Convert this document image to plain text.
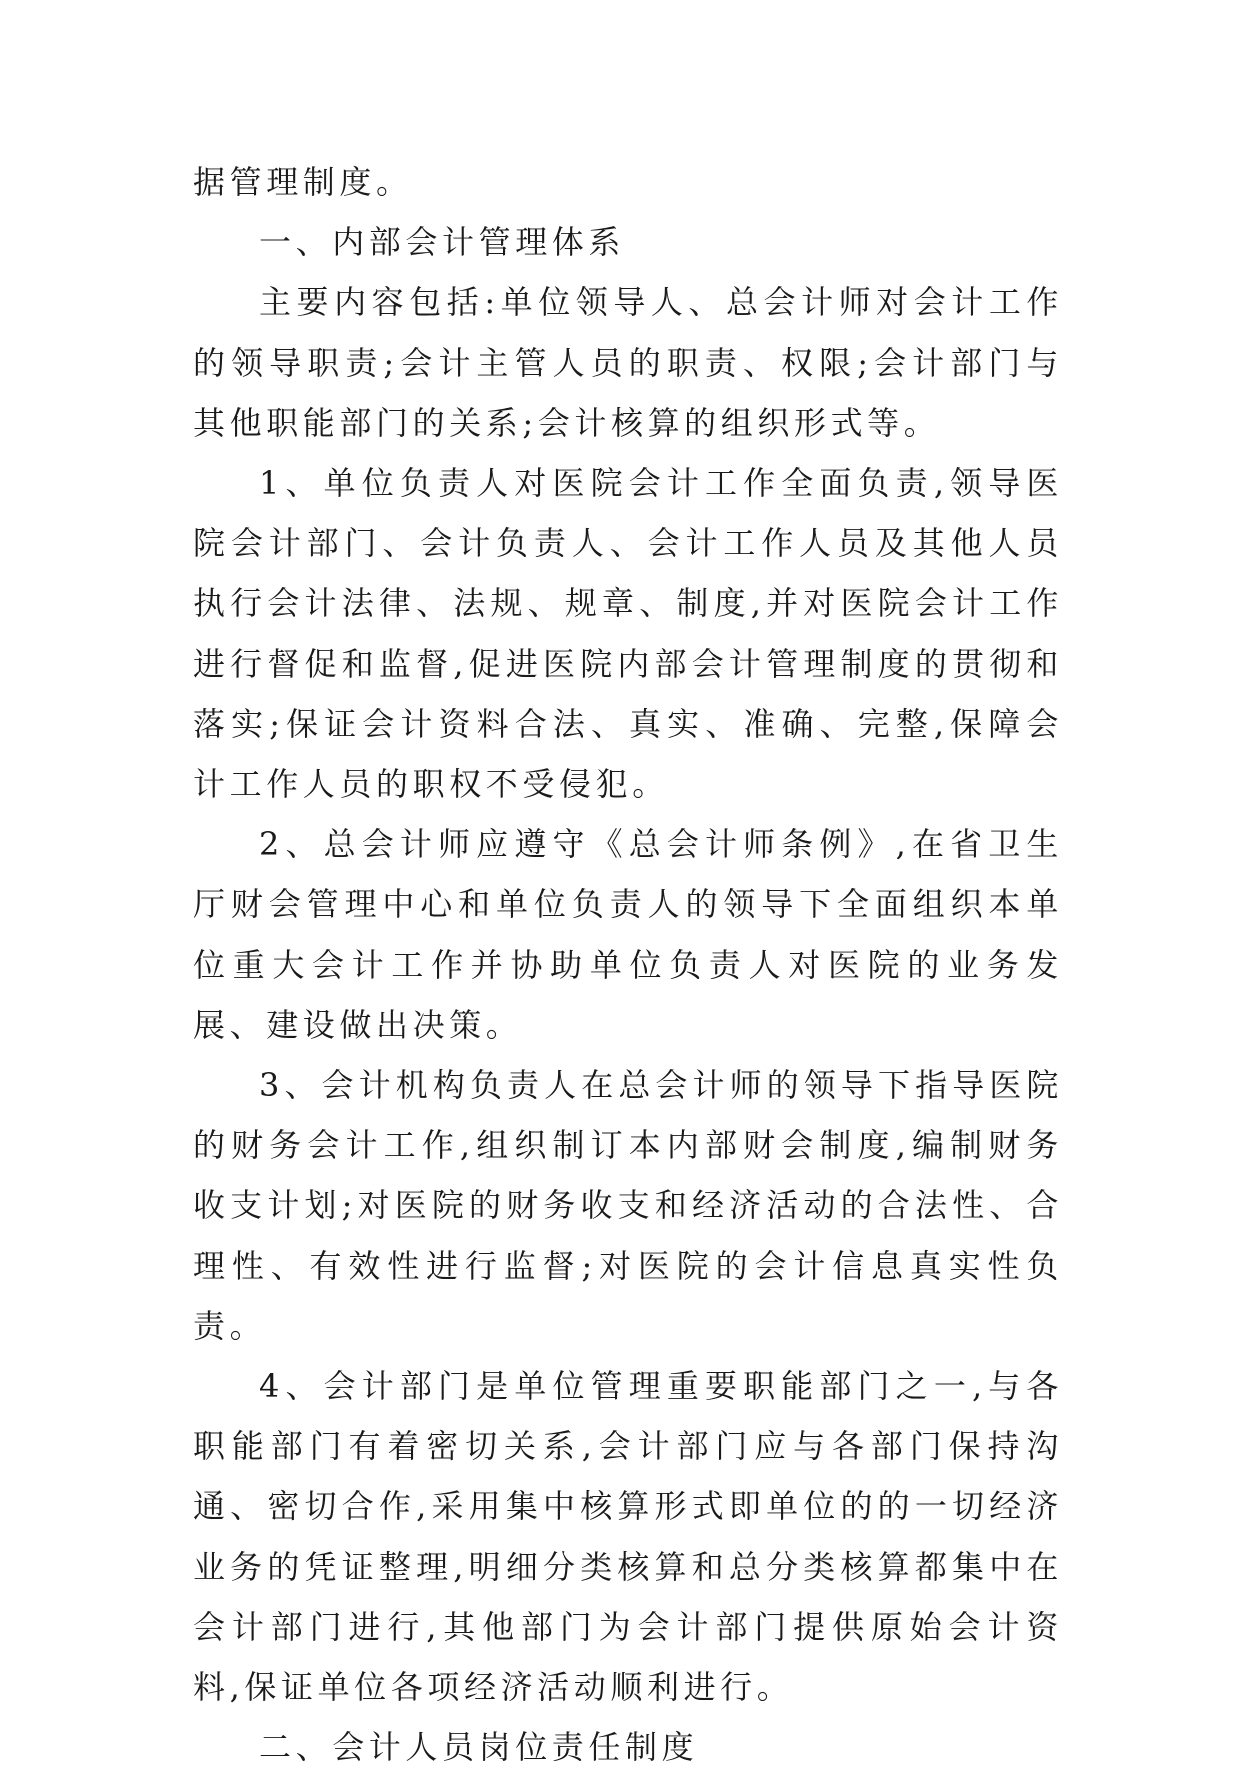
据管理制度。

一、内部会计管理体系

主要内容包括:单位领导人、总会计师对会计工作的领导职责;会计主管人员的职责、权限;会计部门与其他职能部门的关系;会计核算的组织形式等。

1、单位负责人对医院会计工作全面负责,领导医院会计部门、会计负责人、会计工作人员及其他人员执行会计法律、法规、规章、制度,并对医院会计工作进行督促和监督,促进医院内部会计管理制度的贯彻和落实;保证会计资料合法、真实、准确、完整,保障会计工作人员的职权不受侵犯。

2、总会计师应遵守《总会计师条例》,在省卫生厅财会管理中心和单位负责人的领导下全面组织本单位重大会计工作并协助单位负责人对医院的业务发展、建设做出决策。

3、会计机构负责人在总会计师的领导下指导医院的财务会计工作,组织制订本内部财会制度,编制财务收支计划;对医院的财务收支和经济活动的合法性、合理性、有效性进行监督;对医院的会计信息真实性负责。

4、会计部门是单位管理重要职能部门之一,与各职能部门有着密切关系,会计部门应与各部门保持沟通、密切合作,采用集中核算形式即单位的的一切经济业务的凭证整理,明细分类核算和总分类核算都集中在会计部门进行,其他部门为会计部门提供原始会计资料,保证单位各项经济活动顺利进行。

二、会计人员岗位责任制度
